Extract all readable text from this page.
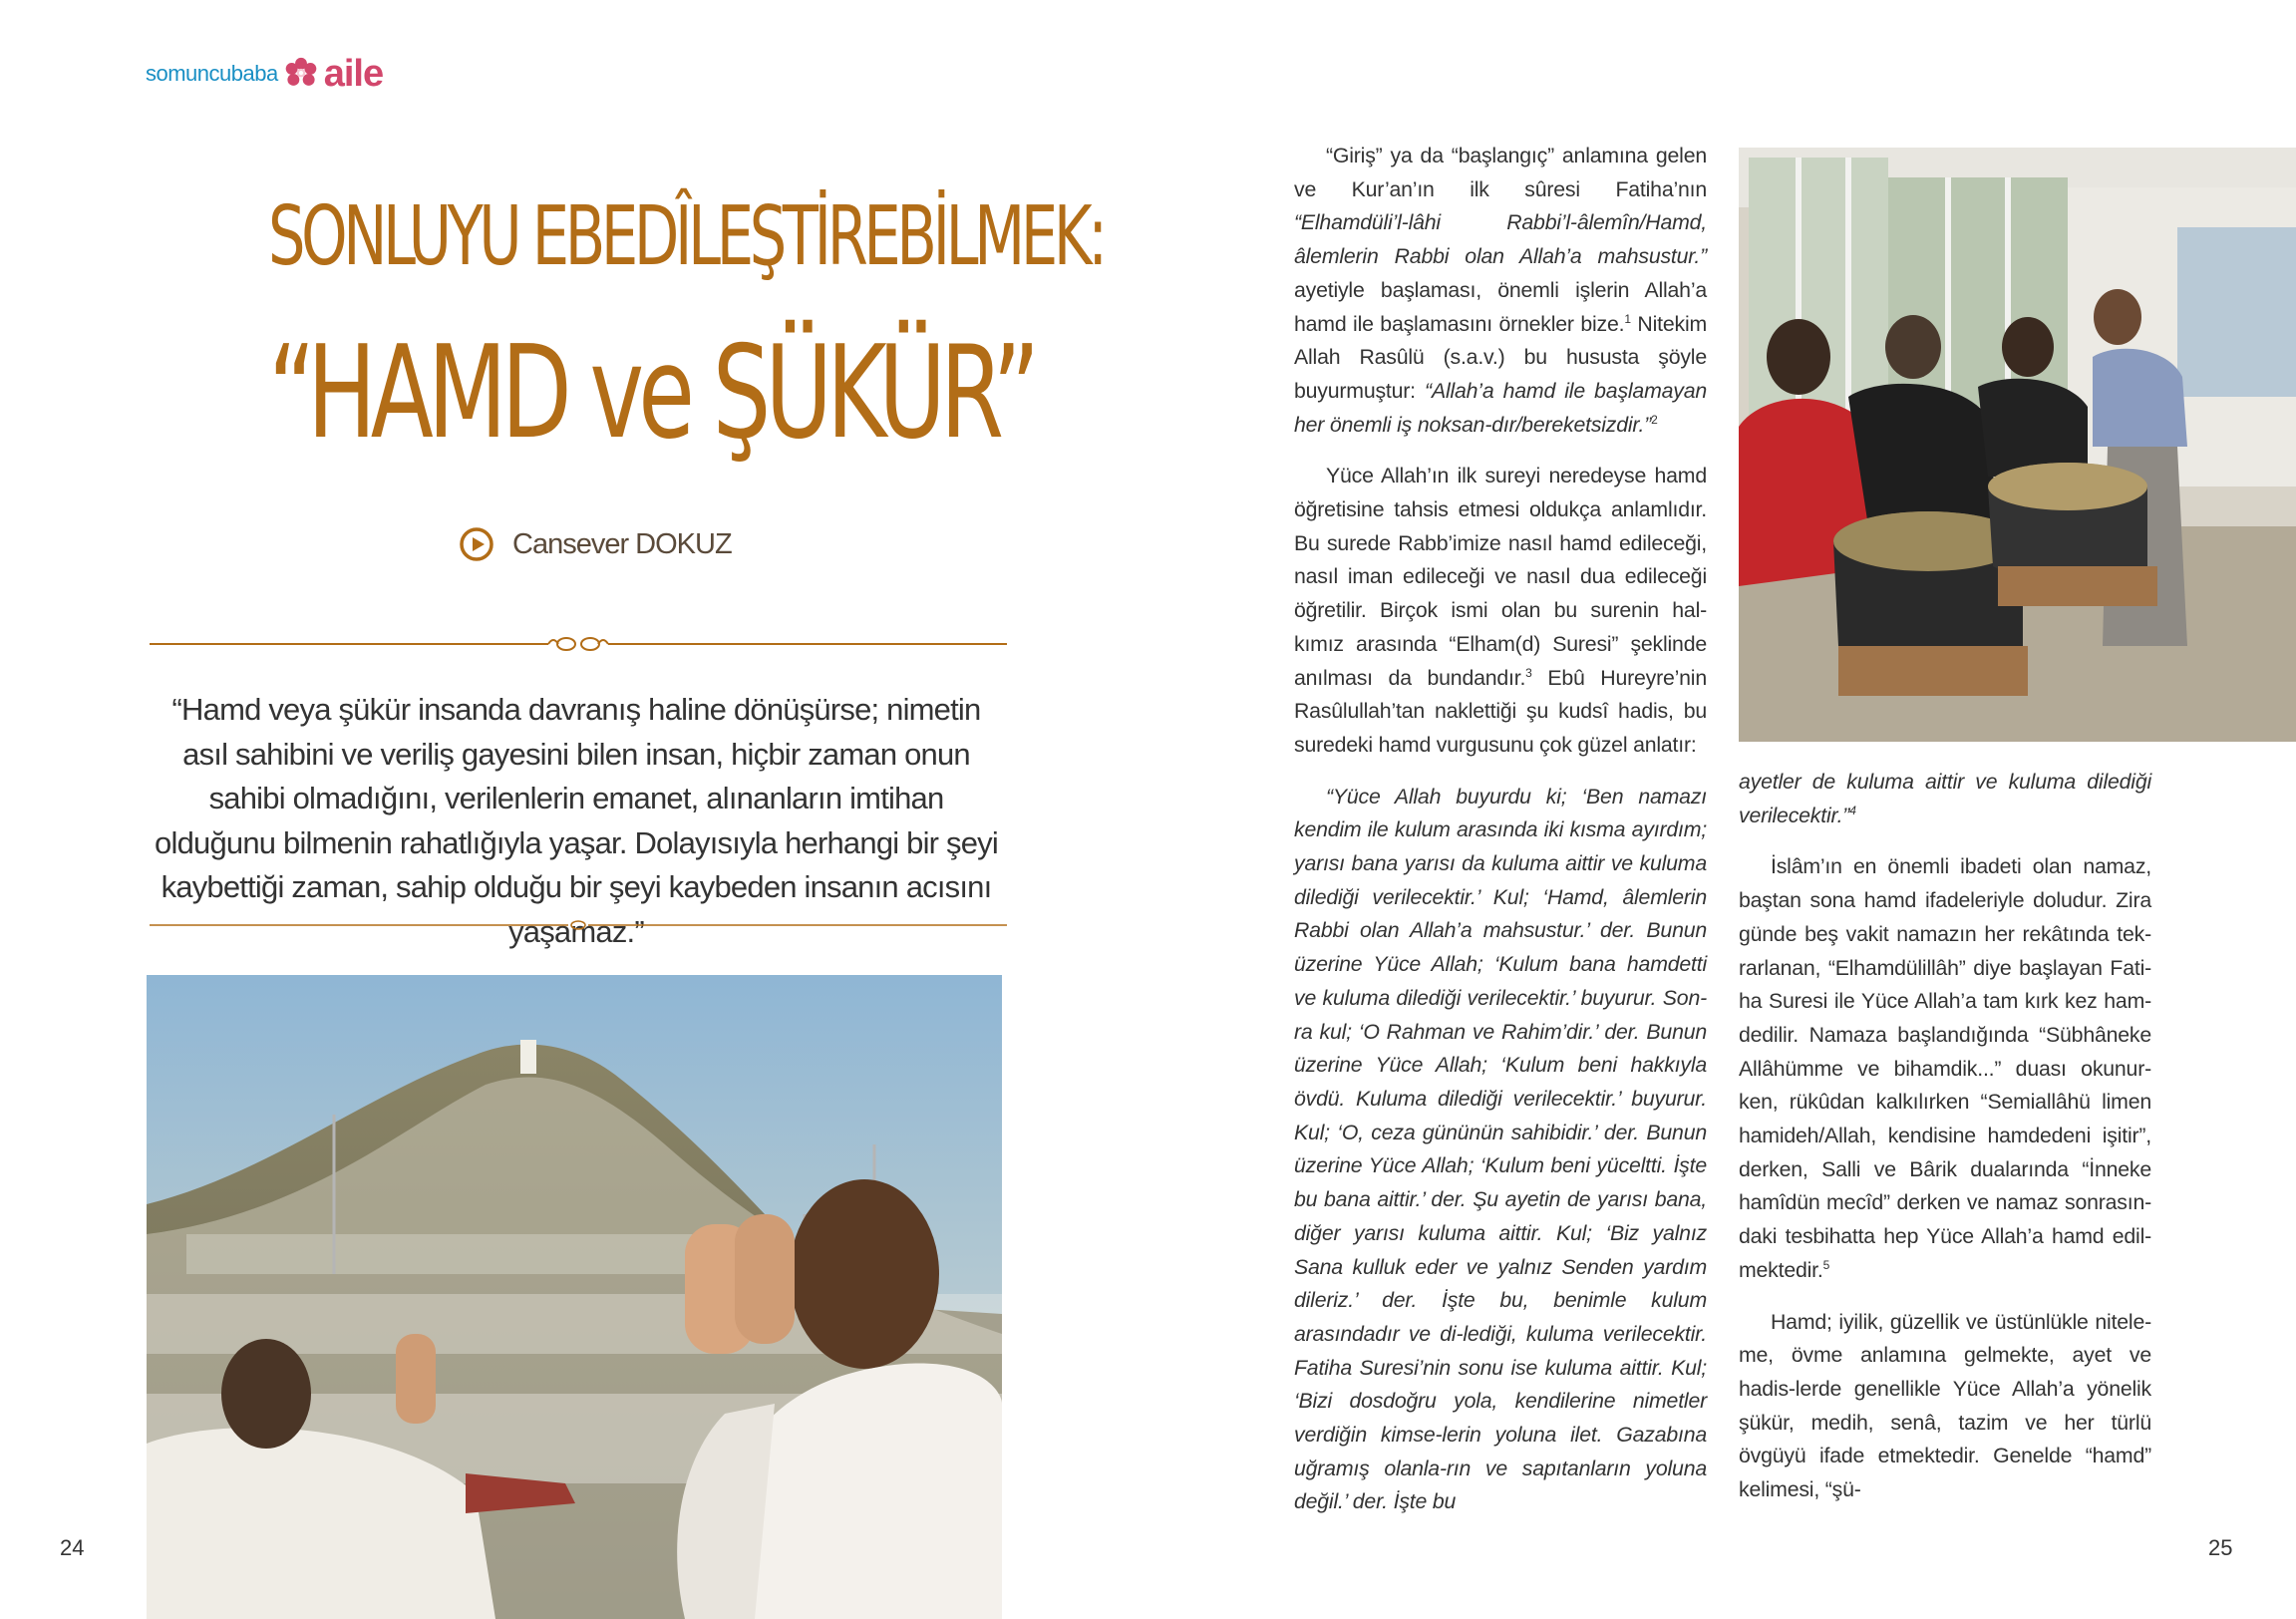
somuncubaba aile
SONLUYU EBEDÎLEŞTİREBİLMEK:
“HAMD ve ŞÜKÜR”
Cansever DOKUZ
“Hamd veya şükür insanda davranış haline dönüşürse; nimetin asıl sahibini ve veriliş gayesini bilen insan, hiçbir zaman onun sahibi olmadığını, verilenlerin emanet, alınanların imtihan olduğunu bilmenin rahatlığıyla yaşar. Dolayısıyla herhangi bir şeyi kaybettiği zaman, sahip olduğu bir şeyi kaybeden insanın acısını yaşamaz.”

“Giriş” ya da “başlangıç” anlamına gelen ve Kur’an’ın ilk sûresi Fatiha’nın “Elhamdüli’l-lâhi Rabbi’l-âlemîn/Hamd, âlemlerin Rabbi olan Allah’a mahsustur.” ayetiyle başlaması, önemli işlerin Allah’a hamd ile başlamasını örnekler bize.$^1$ Nitekim Allah Rasûlü (s.a.v.) bu hususta şöyle buyurmuştur: “Allah’a hamd ile başlamayan her önemli iş noksan-dır/bereketsizdir.”$^2$

Yüce Allah’ın ilk sureyi neredeyse hamd öğretisine tahsis etmesi oldukça anlamlıdır. Bu surede Rabb’imize nasıl hamd edileceği, nasıl iman edileceği ve nasıl dua edileceği öğretilir. Birçok ismi olan bu surenin hal-kımız arasında “Elham(d) Suresi” şeklinde anılması da bundandır.$^3$ Ebû Hureyre’nin Rasûlullah’tan naklettiği şu kudsî hadis, bu suredeki hamd vurgusunu çok güzel anlatır:

“Yüce Allah buyurdu ki; ‘Ben namazı kendim ile kulum arasında iki kısma ayırdım; yarısı bana yarısı da kuluma aittir ve kuluma dilediği verilecektir.’ Kul; ‘Hamd, âlemlerin Rabbi olan Allah’a mahsustur.’ der. Bunun üzerine Yüce Allah; ‘Kulum bana hamdetti ve kuluma dilediği verilecektir.’ buyurur. Son-ra kul; ‘O Rahman ve Rahim’dir.’ der. Bunun üzerine Yüce Allah; ‘Kulum beni hakkıyla övdü. Kuluma dilediği verilecektir.’ buyurur. Kul; ‘O, ceza gününün sahibidir.’ der. Bunun üzerine Yüce Allah; ‘Kulum beni yüceltti. İşte bu bana aittir.’ der. Şu ayetin de yarısı bana, diğer yarısı kuluma aittir. Kul; ‘Biz yalnız Sana kulluk eder ve yalnız Senden yardım dileriz.’ der. İşte bu, benimle kulum arasındadır ve di-lediği, kuluma verilecektir. Fatiha Suresi’nin sonu ise kuluma aittir. Kul; ‘Bizi dosdoğru yola, kendilerine nimetler verdiğin kimse-lerin yoluna ilet. Gazabına uğramış olanla-rın ve sapıtanların yoluna değil.’ der. İşte bu

ayetler de kuluma aittir ve kuluma dilediği verilecektir.”$^4$

İslâm’ın en önemli ibadeti olan namaz, baştan sona hamd ifadeleriyle doludur. Zira günde beş vakit namazın her rekâtında tek-rarlanan, “Elhamdülillâh” diye başlayan Fati-ha Suresi ile Yüce Allah’a tam kırk kez ham-dedilir. Namaza başlandığında “Sübhâneke Allâhümme ve bihamdik...” duası okunur-ken, rükûdan kalkılırken “Semiallâhü limen hamideh/Allah, kendisine hamdedeni işitir”, derken, Salli ve Bârik dualarında “İnneke hamîdün mecîd” derken ve namaz sonrasın-daki tesbihatta hep Yüce Allah’a hamd edil-mektedir.$^5$

Hamd; iyilik, güzellik ve üstünlükle nitele-me, övme anlamına gelmekte, ayet ve hadis-lerde genellikle Yüce Allah’a yönelik şükür, medih, senâ, tazim ve her türlü övgüyü ifade etmektedir. Genelde “hamd” kelimesi, “şü-

24	25
